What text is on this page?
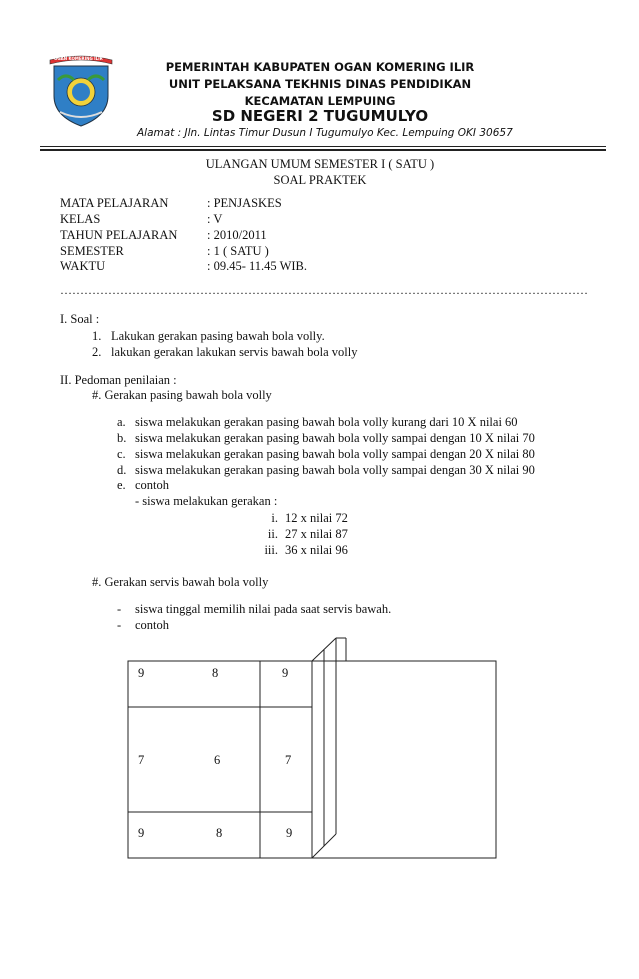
OGAN KOMERING ILIR
PEMERINTAH KABUPATEN OGAN KOMERING ILIR
UNIT PELAKSANA TEKHNIS DINAS PENDIDIKAN
KECAMATAN LEMPUING
SD NEGERI 2 TUGUMULYO
Alamat : Jln. Lintas Timur Dusun I Tugumulyo Kec. Lempuing OKI 30657
ULANGAN UMUM SEMESTER I ( SATU )
SOAL PRAKTEK
MATA PELAJARAN	: PENJASKES
KELAS	: V
TAHUN PELAJARAN : 2010/2011
SEMESTER	: 1 ( SATU )
WAKTU	: 09.45- 11.45 WIB.
……………………………………………………………………………………………………………………
I. Soal :
1. Lakukan gerakan pasing bawah bola volly.
2. lakukan gerakan lakukan servis bawah bola volly
II. Pedoman penilaian :
#. Gerakan pasing bawah bola volly
a. siswa melakukan gerakan pasing bawah bola volly kurang dari 10 X nilai 60
b. siswa melakukan gerakan pasing bawah bola volly sampai dengan 10 X nilai 70
c. siswa melakukan gerakan pasing bawah bola volly sampai dengan 20 X nilai 80
d. siswa melakukan gerakan pasing bawah bola volly sampai dengan 30 X nilai 90
e. contoh
- siswa melakukan gerakan :
i. 12 x nilai 72
ii. 27 x nilai 87
iii. 36 x nilai 96
#. Gerakan servis bawah bola volly
- siswa tinggal memilih nilai pada saat servis bawah.
- contoh
9	8	9
7	6	7
9	8	9
